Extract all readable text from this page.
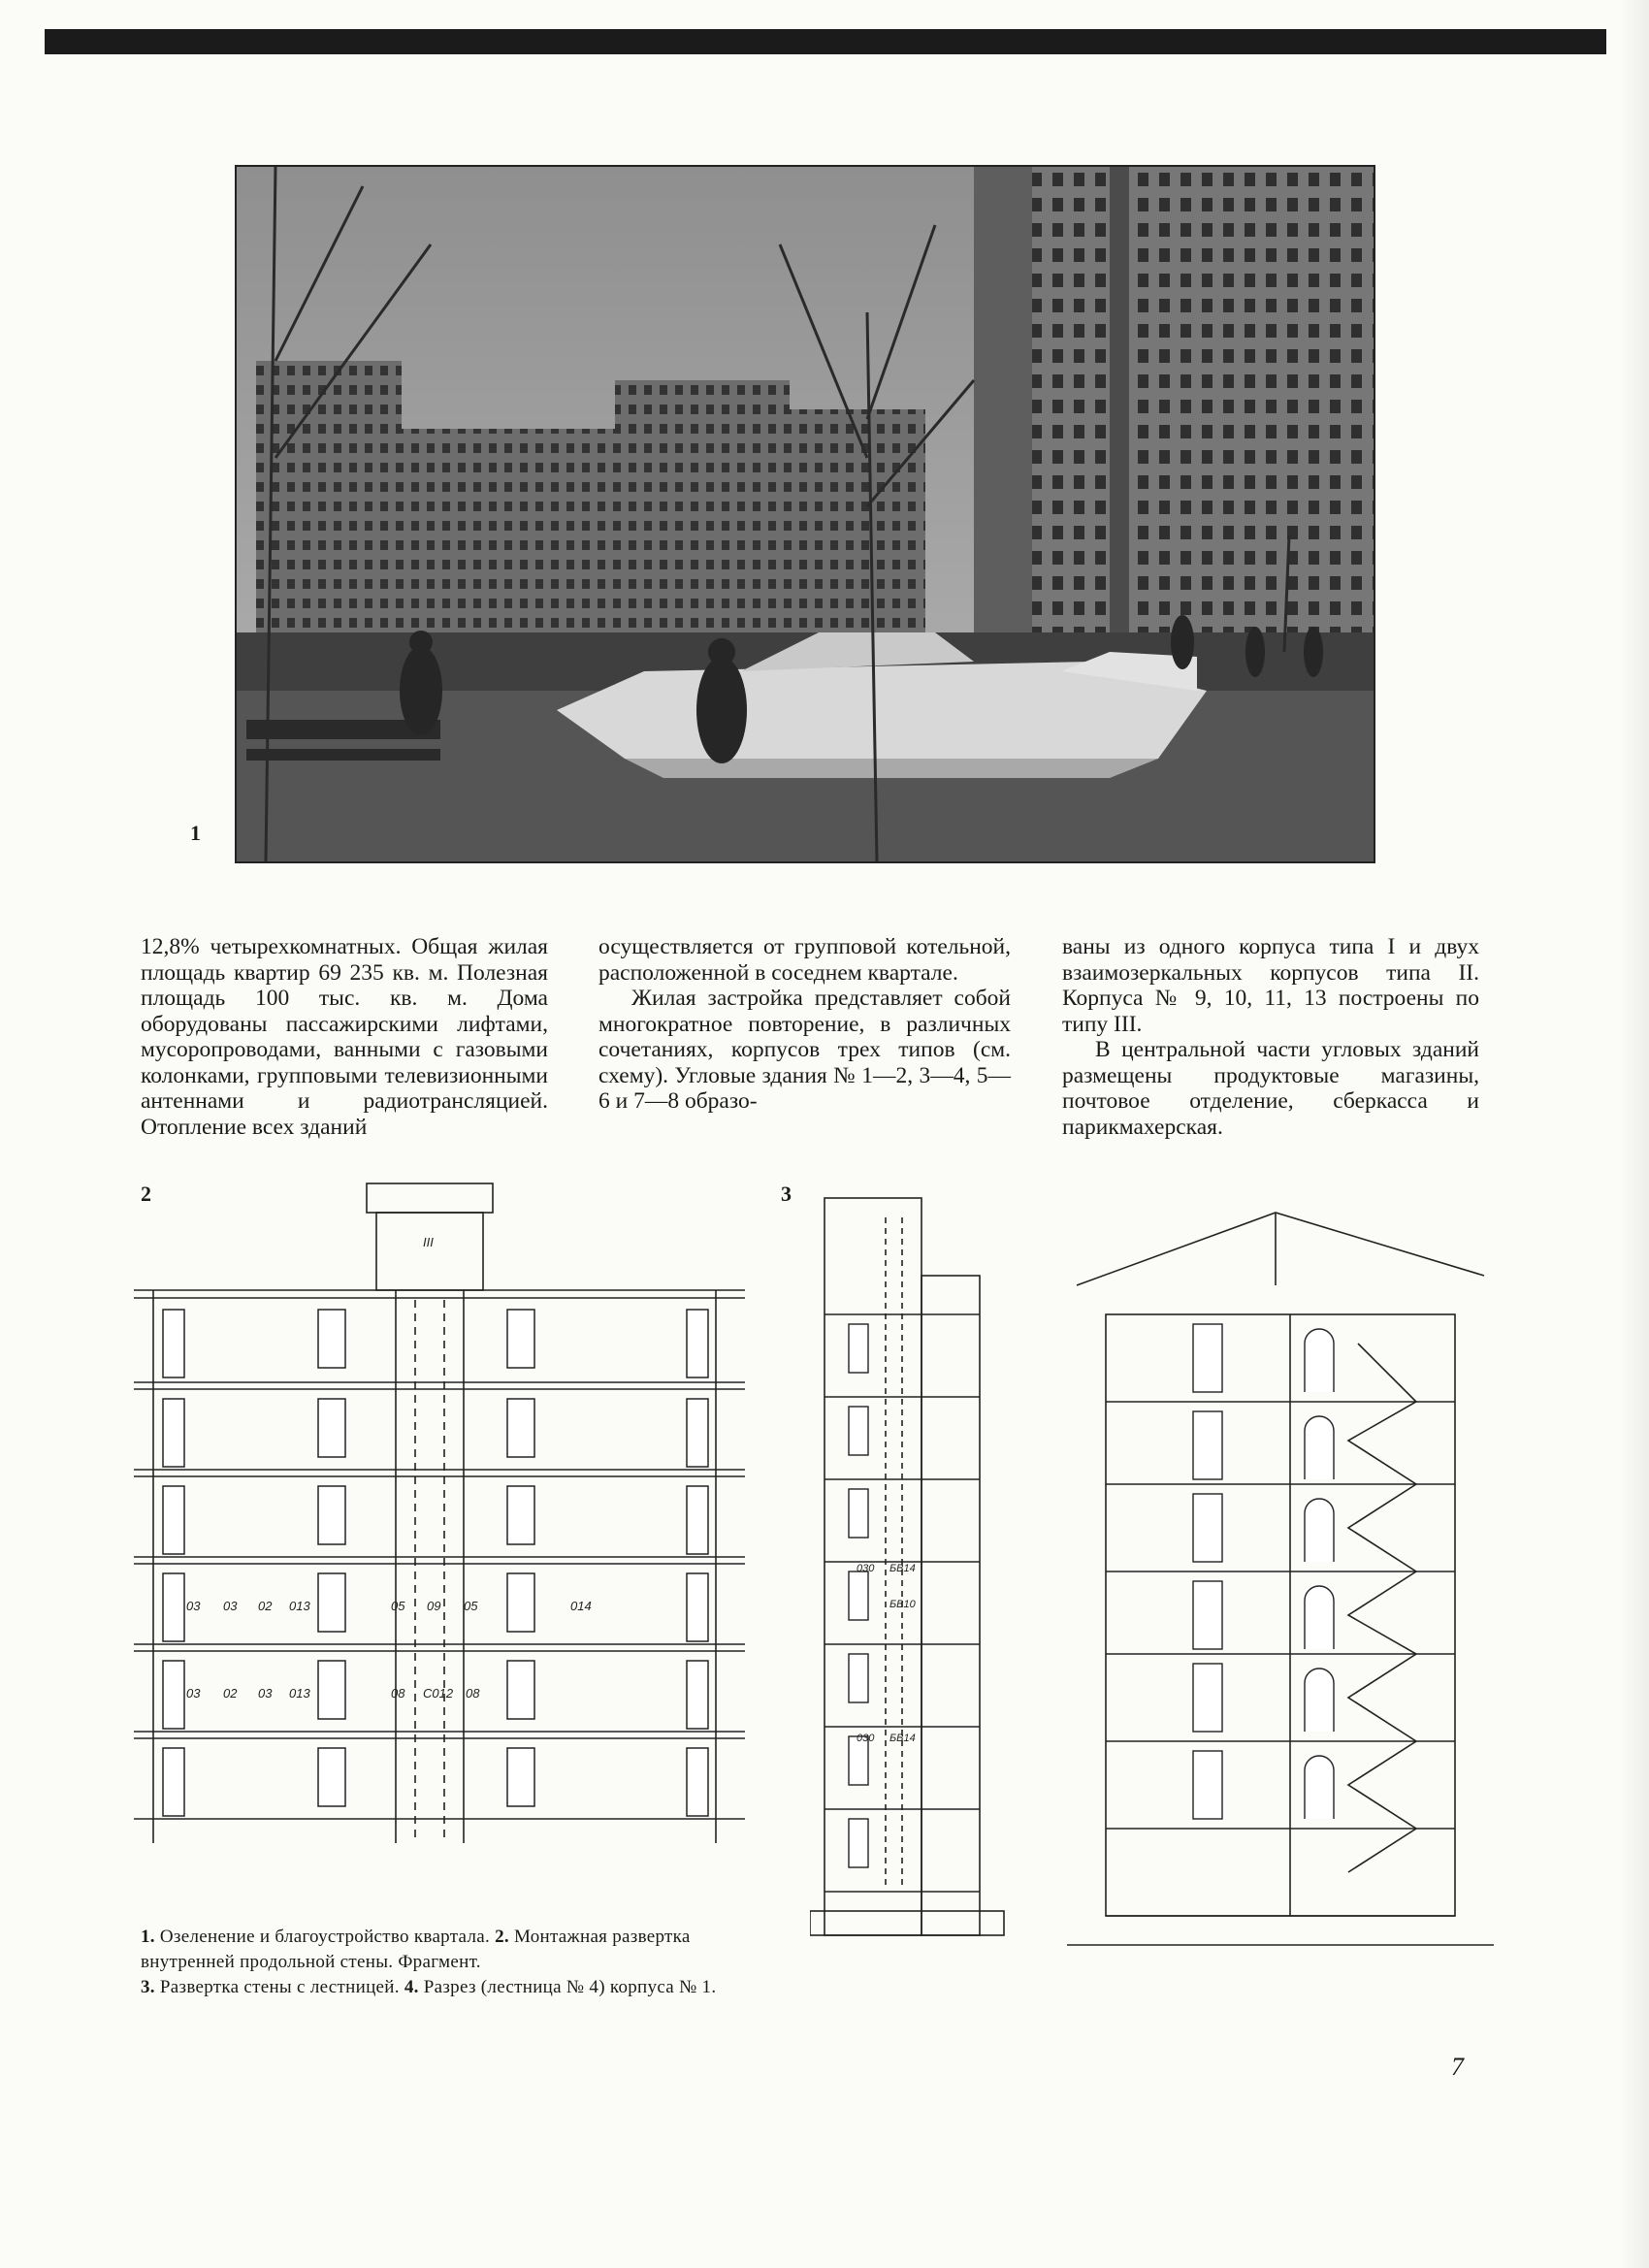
1

12,8% четырехкомнатных. Общая жилая площадь квартир 69 235 кв. м. Полезная площадь 100 тыс. кв. м. Дома оборудованы пассажирскими лифтами, мусоропроводами, ванными с газовыми колонками, групповыми телевизионными антеннами и радиотрансляцией. Отопление всех зданий

осуществляется от групповой котельной, расположенной в соседнем квартале.

Жилая застройка представляет собой многократное повторение, в различных сочетаниях, корпусов трех типов (см. схему). Угловые здания № 1—2, 3—4, 5—6 и 7—8 образо-

ваны из одного корпуса типа I и двух взаимозеркальных корпусов типа II. Корпуса № 9, 10, 11, 13 построены по типу III.

В центральной части угловых зданий размещены продуктовые магазины, почтовое отделение, сберкасса и парикмахерская.

2
03 03 02 013	05 09 05	014
03 02 03 013	08 C012 08
III
3
030 БВ14
БВ10
030 БВ14
1. Озеленение и благоустройство квартала. 2. Монтажная развертка внутренней продольной стены. Фрагмент.
3. Развертка стены с лестницей. 4. Разрез (лестница № 4) корпуса № 1.
7
